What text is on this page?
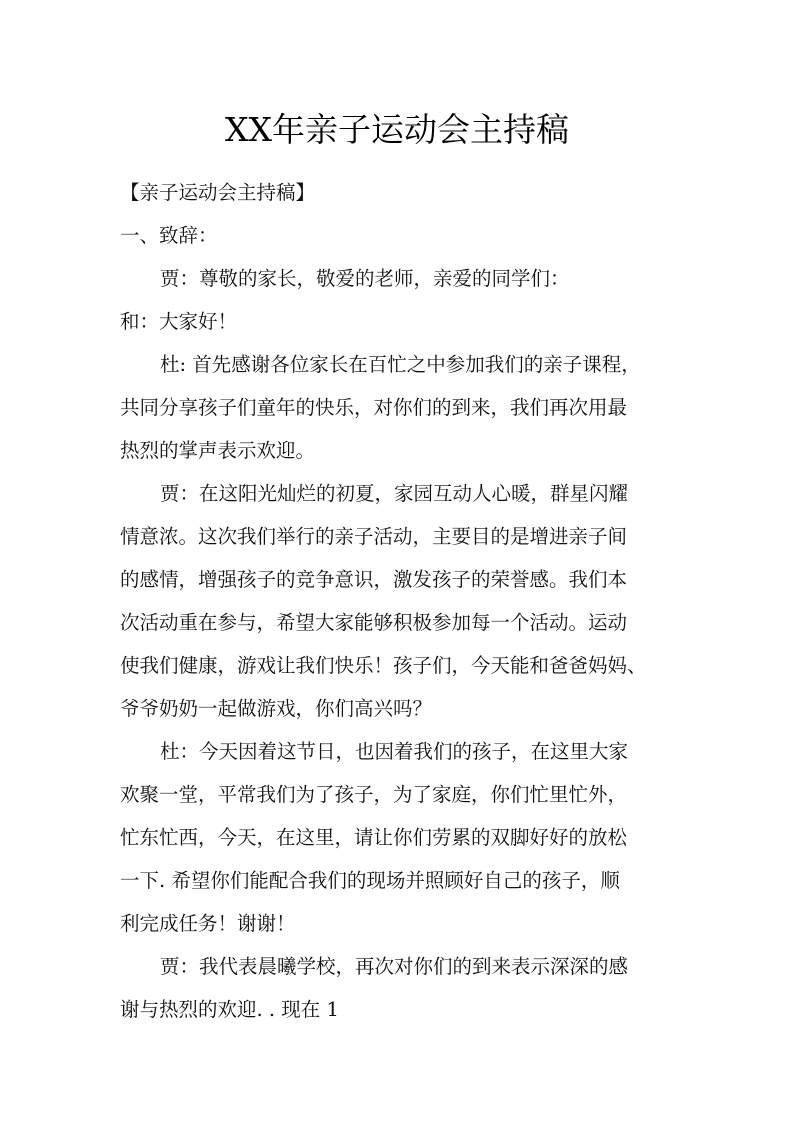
XX年亲子运动会主持稿
【亲子运动会主持稿】
一、致辞：
贾：尊敬的家长，敬爱的老师，亲爱的同学们：
和：大家好！
杜: 首先感谢各位家长在百忙之中参加我们的亲子课程，
共同分享孩子们童年的快乐，对你们的到来，我们再次用最
热烈的掌声表示欢迎。
贾：在这阳光灿烂的初夏，家园互动人心暖，群星闪耀
情意浓。这次我们举行的亲子活动，主要目的是增进亲子间
的感情，增强孩子的竞争意识，激发孩子的荣誉感。我们本
次活动重在参与，希望大家能够积极参加每一个活动。运动
使我们健康，游戏让我们快乐！孩子们，今天能和爸爸妈妈、
爷爷奶奶一起做游戏，你们高兴吗？
杜：今天因着这节日，也因着我们的孩子，在这里大家
欢聚一堂，平常我们为了孩子，为了家庭，你们忙里忙外，
忙东忙西，今天，在这里，请让你们劳累的双脚好好的放松
一下. 希望你们能配合我们的现场并照顾好自己的孩子，顺
利完成任务！谢谢！
贾：我代表晨曦学校，再次对你们的到来表示深深的感
谢与热烈的欢迎. . 现在 1
